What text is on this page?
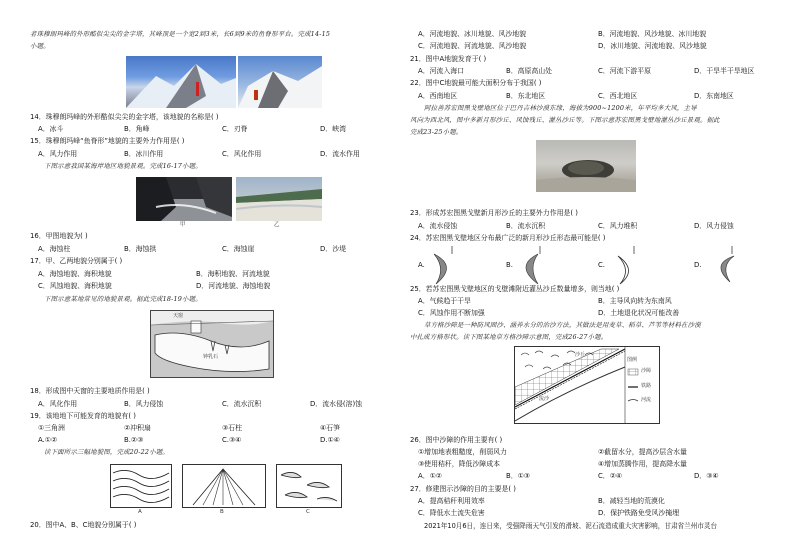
者珠穆朗玛峰的外形酷似尖尖的金字塔，其峰顶是一个宽2到3米，长6到9米的鱼脊形平台。完成14-15
小题。
14．珠穆朗玛峰的外形酷似尖尖的金字塔，该地貌的名称是( )
A．冰斗	B．角峰	C．刃脊	D．峡湾
15．珠穆朗玛峰“鱼脊形”地貌的主要外力作用是( )
A．风力作用	B．冰川作用	C．风化作用	D．流水作用
下图示意我国某海岸地区地貌景观。完成16-17小题。
甲	乙
16．甲图地貌为( )
A．海蚀柱	B．海蚀拱	C．海蚀崖	D．沙堤
17．甲、乙两地貌分别属于( )
A．海蚀地貌、海积地貌	B．海积地貌、河流地貌
C．风蚀地貌、海积地貌	D．河流地貌、海蚀地貌
下图示意某地常见的地貌景观。据此完成18-19小题。
天窗
钟乳石
18．形成图中天窗的主要地质作用是( )
A．风化作用	B．风力侵蚀	C．流水沉积	D．流水侵(溶)蚀
19．该地地下可能发育的地貌有( )
①三角洲	②冲积扇	③石柱	④石笋
A.①②	B.②③	C.③④	D.①④
读下面所示三幅地貌图，完成20-22小题。
A	B	C
20．图中A、B、C地貌分别属于( )
A．河流地貌、冰川地貌、风沙地貌	B．河流地貌、风沙地貌、冰川地貌
C．河流地貌、河流地貌、风沙地貌	D．冰川地貌、河流地貌、风沙地貌
21．图中A地貌发育于( )
A．河流入海口	B．高原高山处	C．河流下游平原	D．干旱半干旱地区
22．图中C地貌最可能大面积分布于我国( )
A．西南地区	B．东北地区	C．西北地区	D．东南地区
阿拉善苏宏图黑戈壁地区位于巴丹吉林沙漠东缘，海拔为900~1200米，年平均多大风，主导
风向为西北风，图中多新月形沙丘、风蚀残丘、灌丛沙丘等。下图示意苏宏图黑戈壁地灌丛沙丘景观。据此
完成23-25小题。
23．形成苏宏图黑戈壁新月形沙丘的主要外力作用是( )
A．流水侵蚀	B．流水沉积	C．风力堆积	D．风力侵蚀
24．苏宏图黑戈壁地区分布最广泛的新月形沙丘形态最可能是( )
A.	B.	C.	D.
25．若苏宏图黑戈壁地区的戈壁滩附近灌丛沙丘数量增多，则当地( )
A．气候趋于干旱	B．主导风向转为东南风
C．风蚀作用不断加强	D．土地退化状况可能改善
草方格沙障是一种防风固沙、涵养水分的治沙方法，其做法是用麦草、稻草、芦苇等材料在沙漠
中扎成方格形状。读下图某地草方格沙障示意图，完成26-27小题。
图例
沙障
铁路
河流
沙丘
流沙
26．图中沙障的作用主要有( )
①增加地表粗糙度，削弱风力	②截留水分，提高沙层含水量
③使用秸秆，降低沙障成本	④增加蒸腾作用，提高降水量
A．①②	B．①③	C．②④	D．③④
27．修建图示沙障的目的主要是( )
A．提高秸秆利用效率	B．减轻当地的荒漠化
C．降低水土流失危害	D．保护铁路免受风沙掩埋
2021年10月6日，连日来，受强降雨天气引发的滑坡、泥石流造成重大灾害影响，甘肃省兰州市灵台
